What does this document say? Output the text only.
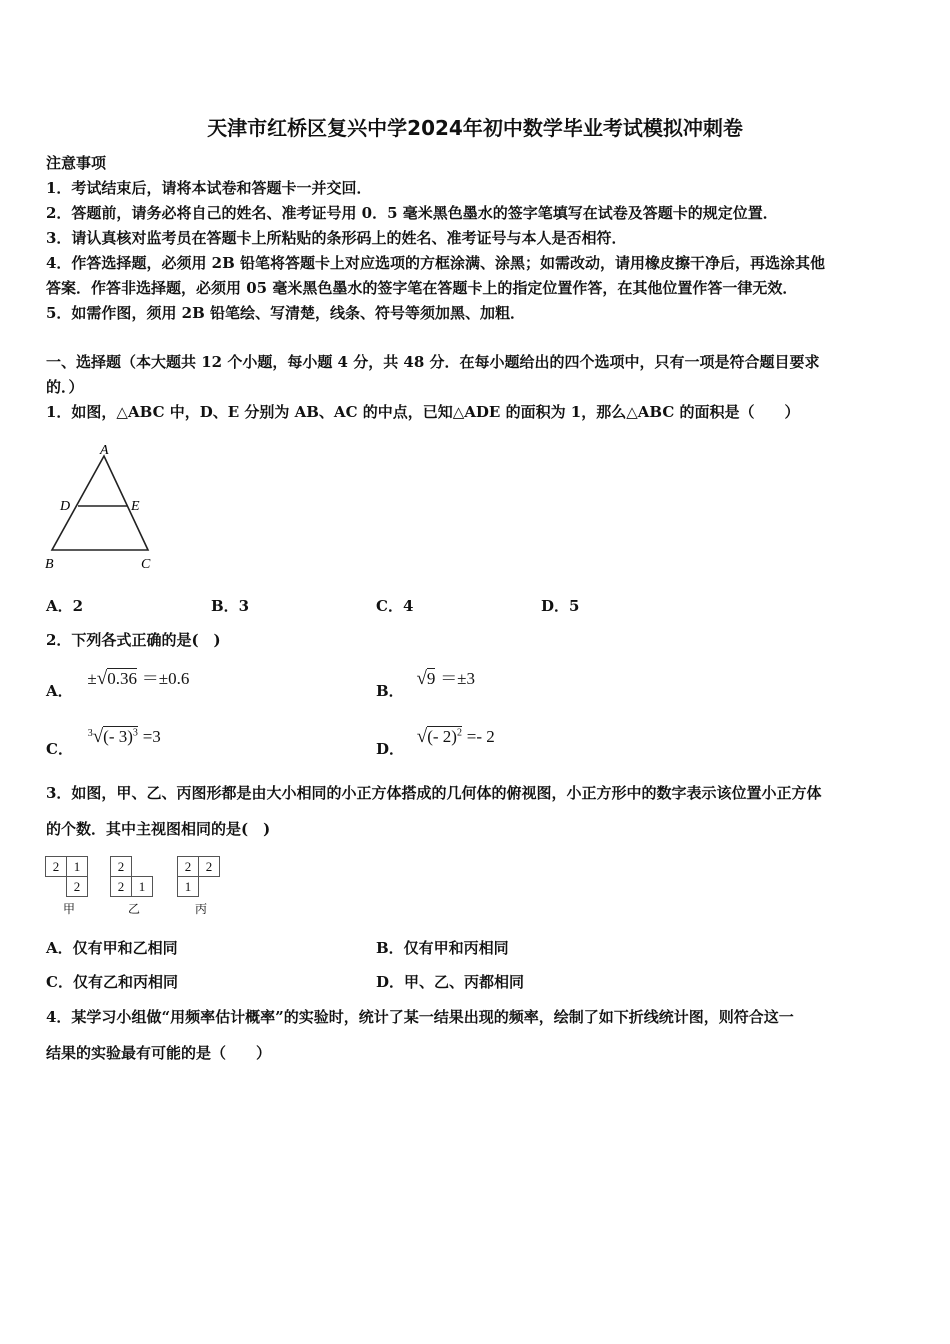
天津市红桥区复兴中学2024年初中数学毕业考试模拟冲刺卷
注意事项
1．考试结束后，请将本试卷和答题卡一并交回．
2．答题前，请务必将自己的姓名、准考证号用 0．5 毫米黑色墨水的签字笔填写在试卷及答题卡的规定位置．
3．请认真核对监考员在答题卡上所粘贴的条形码上的姓名、准考证号与本人是否相符．
4．作答选择题，必须用 2B 铅笔将答题卡上对应选项的方框涂满、涂黑；如需改动，请用橡皮擦干净后，再选涂其他
答案．作答非选择题，必须用 05 毫米黑色墨水的签字笔在答题卡上的指定位置作答，在其他位置作答一律无效．
5．如需作图，须用 2B 铅笔绘、写清楚，线条、符号等须加黑、加粗．
一、选择题（本大题共 12 个小题，每小题 4 分，共 48 分．在每小题给出的四个选项中，只有一项是符合题目要求
的．）
1．如图，△ABC 中，D、E 分别为 AB、AC 的中点，已知△ADE 的面积为 1，那么△ABC 的面积是（　　）
A
D	E
B	C
A．2	B．3	C．4	D．5
2．下列各式正确的是(　)
A． ±√0.36 ＝±0.6
B． √9 ＝±3
C． $^3$√(- 3)$^3$ =3
D． √(- 2)$^2$ =- 2
3．如图，甲、乙、丙图形都是由大小相同的小正方体搭成的几何体的俯视图，小正方形中的数字表示该位置小正方体
的个数．其中主视图相同的是(　)
2	1
	2
甲
2	
2	1
乙
2	2
1	
丙
A．仅有甲和乙相同	B．仅有甲和丙相同
C．仅有乙和丙相同	D．甲、乙、丙都相同
4．某学习小组做“用频率估计概率”的实验时，统计了某一结果出现的频率，绘制了如下折线统计图，则符合这一
结果的实验最有可能的是（　　）
